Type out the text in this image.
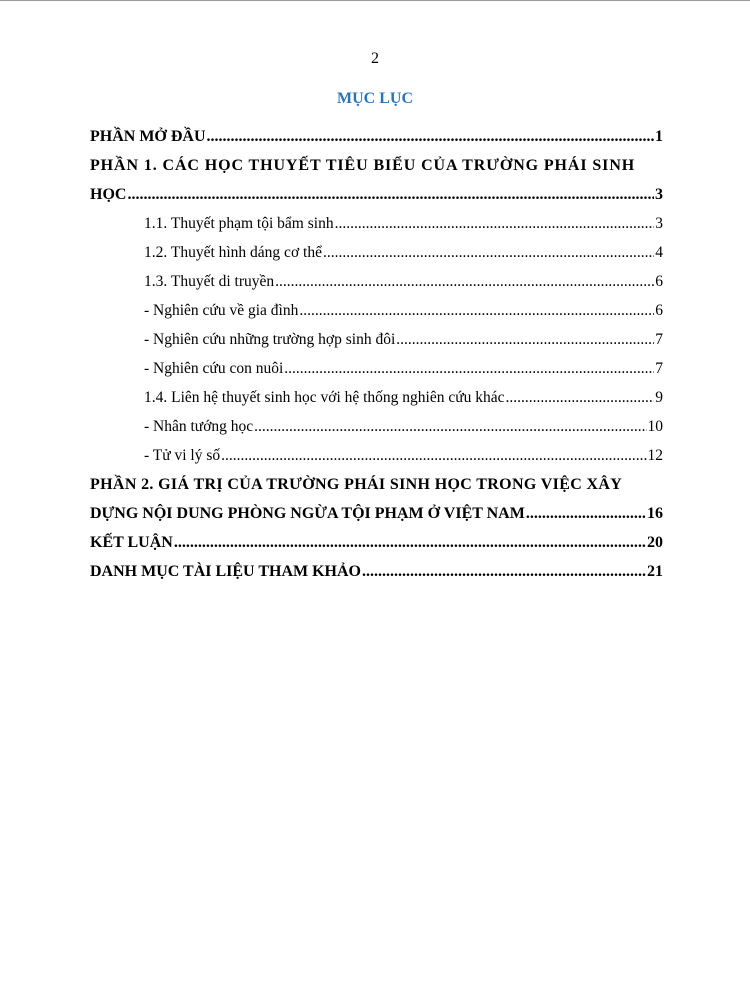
2
MỤC LỤC
PHẦN MỞ ĐẦU .....	1
PHẦN 1. CÁC HỌC THUYẾT TIÊU BIỂU CỦA TRƯỜNG PHÁI SINH
HỌC .....	3
1.1. Thuyết phạm tội bẩm sinh .....	3
1.2. Thuyết hình dáng cơ thể .....	4
1.3. Thuyết di truyền .....	6
- Nghiên cứu về gia đình .....	6
- Nghiên cứu những trường hợp sinh đôi .....	7
- Nghiên cứu con nuôi .....	7
1.4. Liên hệ thuyết sinh học với hệ thống nghiên cứu khác .....	9
- Nhân tướng học .....	10
- Tử vi lý số .....	12
PHẦN 2. GIÁ TRỊ CỦA TRƯỜNG PHÁI SINH HỌC TRONG VIỆC XÂY
DỰNG NỘI DUNG PHÒNG NGỪA TỘI PHẠM Ở VIỆT NAM .....	16
KẾT LUẬN .....	20
DANH MỤC TÀI LIỆU THAM KHẢO .....	21
